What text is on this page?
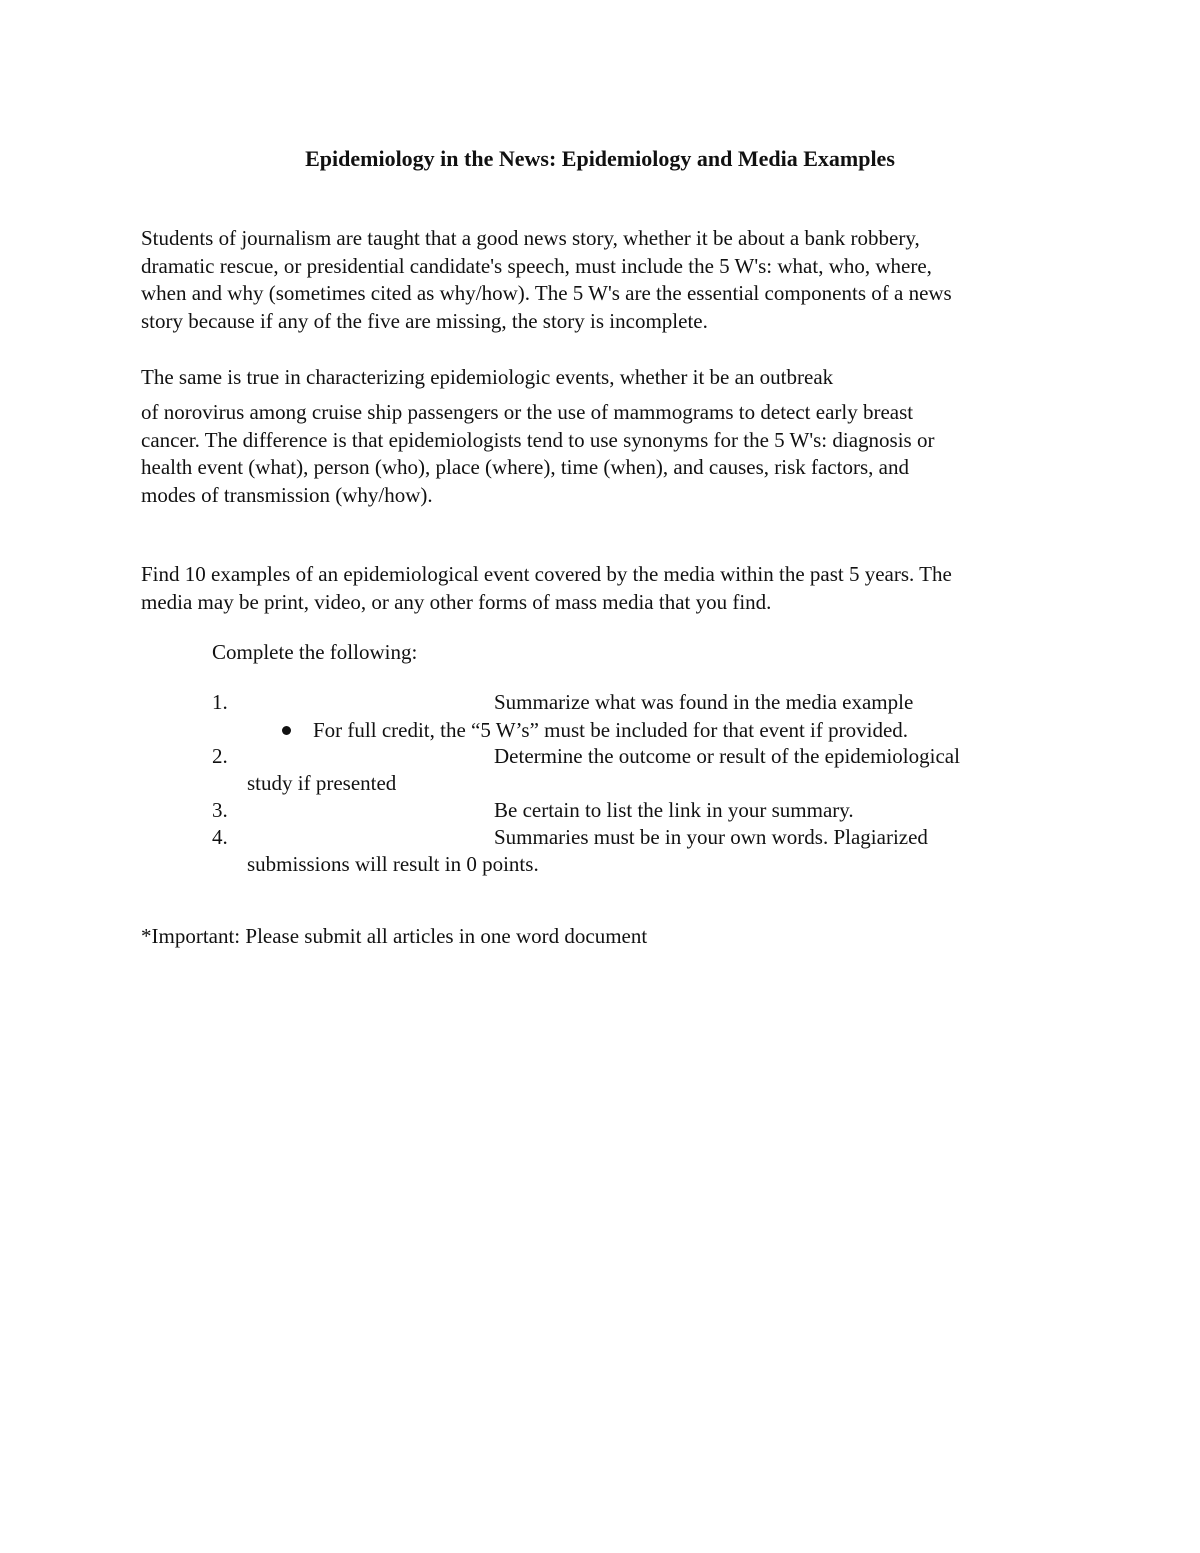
Epidemiology in the News: Epidemiology and Media Examples
Students of journalism are taught that a good news story, whether it be about a bank robbery,
dramatic rescue, or presidential candidate's speech, must include the 5 W's: what, who, where,
when and why (sometimes cited as why/how). The 5 W's are the essential components of a news
story because if any of the five are missing, the story is incomplete.
The same is true in characterizing epidemiologic events, whether it be an outbreak
of norovirus among cruise ship passengers or the use of mammograms to detect early breast
cancer. The difference is that epidemiologists tend to use synonyms for the 5 W's: diagnosis or
health event (what), person (who), place (where), time (when), and causes, risk factors, and
modes of transmission (why/how).
Find 10 examples of an epidemiological event covered by the media within the past 5 years. The
media may be print, video, or any other forms of mass media that you find.
Complete the following:
1.	Summarize what was found in the media example
For full credit, the “5 W’s” must be included for that event if provided.
2.	Determine the outcome or result of the epidemiological
study if presented
3.	Be certain to list the link in your summary.
4.	Summaries must be in your own words. Plagiarized
submissions will result in 0 points.
*Important: Please submit all articles in one word document
